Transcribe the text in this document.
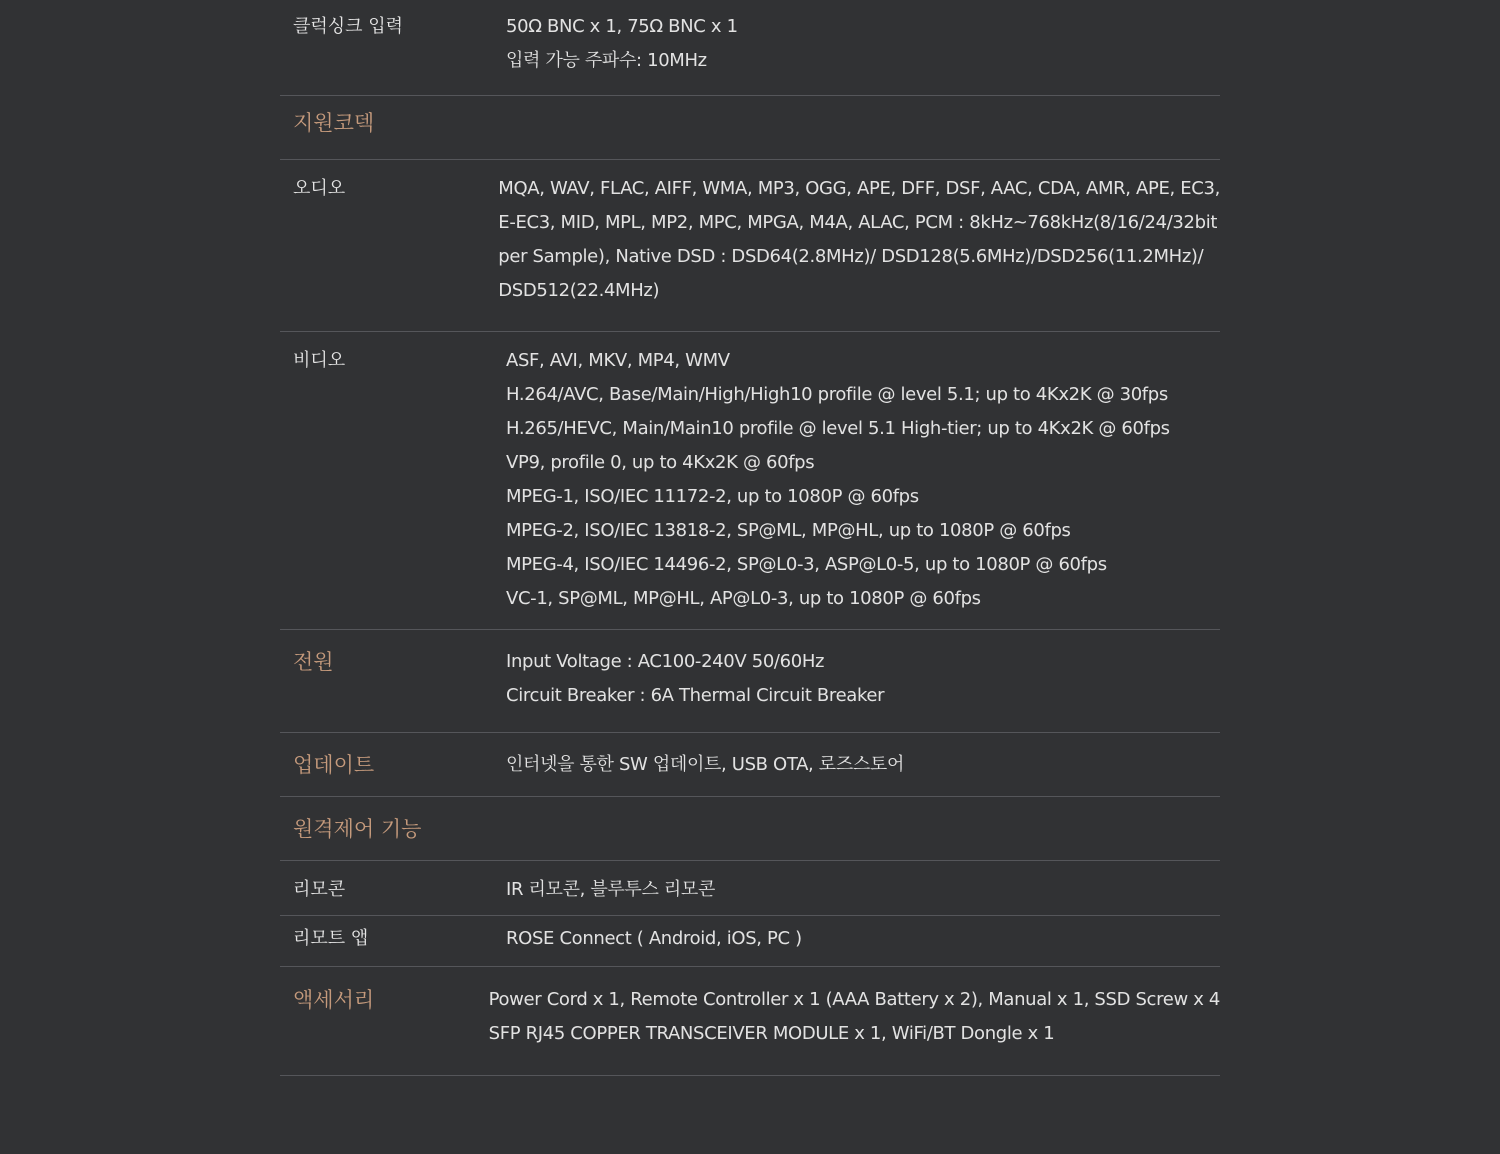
클럭싱크 입력	50Ω BNC x 1, 75Ω BNC x 1
입력 가능 주파수: 10MHz
지원코덱
오디오	MQA, WAV, FLAC, AIFF, WMA, MP3, OGG, APE, DFF, DSF, AAC, CDA, AMR, APE, EC3,
E-EC3, MID, MPL, MP2, MPC, MPGA, M4A, ALAC, PCM : 8kHz~768kHz(8/16/24/32bit
per Sample), Native DSD : DSD64(2.8MHz)/ DSD128(5.6MHz)/DSD256(11.2MHz)/
DSD512(22.4MHz)
비디오	ASF, AVI, MKV, MP4, WMV
H.264/AVC, Base/Main/High/High10 profile @ level 5.1; up to 4Kx2K @ 30fps
H.265/HEVC, Main/Main10 profile @ level 5.1 High-tier; up to 4Kx2K @ 60fps
VP9, profile 0, up to 4Kx2K @ 60fps
MPEG-1, ISO/IEC 11172-2, up to 1080P @ 60fps
MPEG-2, ISO/IEC 13818-2, SP@ML, MP@HL, up to 1080P @ 60fps
MPEG-4, ISO/IEC 14496-2, SP@L0-3, ASP@L0-5, up to 1080P @ 60fps
VC-1, SP@ML, MP@HL, AP@L0-3, up to 1080P @ 60fps
전원	Input Voltage : AC100-240V 50/60Hz
Circuit Breaker : 6A Thermal Circuit Breaker
업데이트	인터넷을 통한 SW 업데이트, USB OTA, 로즈스토어
원격제어 기능
리모콘	IR 리모콘, 블루투스 리모콘
리모트 앱	ROSE Connect ( Android, iOS, PC )
액세서리	Power Cord x 1, Remote Controller x 1 (AAA Battery x 2), Manual x 1, SSD Screw x 4
SFP RJ45 COPPER TRANSCEIVER MODULE x 1, WiFi/BT Dongle x 1
